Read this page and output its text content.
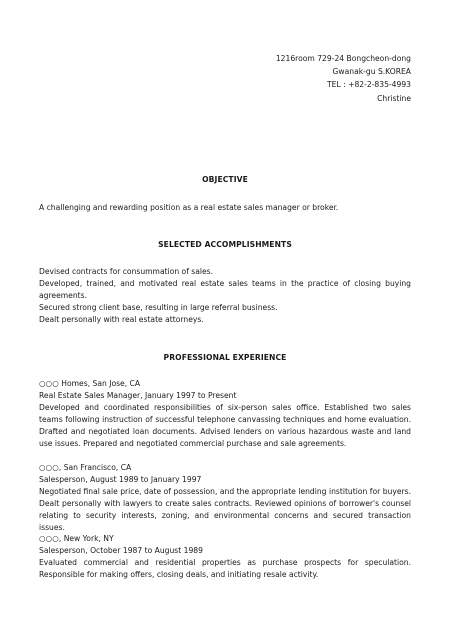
1216room 729-24 Bongcheon-dong
Gwanak-gu S.KOREA
TEL : +82-2-835-4993
Christine
OBJECTIVE
A challenging and rewarding position as a real estate sales manager or broker.
SELECTED ACCOMPLISHMENTS
Devised contracts for consummation of sales.
Developed, trained, and motivated real estate sales teams in the practice of closing buying agreements.
Secured strong client base, resulting in large referral business.
Dealt personally with real estate attorneys.
PROFESSIONAL EXPERIENCE
○○○ Homes, San Jose, CA
Real Estate Sales Manager, January 1997 to Present
Developed and coordinated responsibilities of six-person sales office. Established two sales teams following instruction of successful telephone canvassing techniques and home evaluation. Drafted and negotiated loan documents. Advised lenders on various hazardous waste and land use issues. Prepared and negotiated commercial purchase and sale agreements.
○○○, San Francisco, CA
Salesperson, August 1989 to January 1997
Negotiated final sale price, date of possession, and the appropriate lending institution for buyers. Dealt personally with lawyers to create sales contracts. Reviewed opinions of borrower's counsel relating to security interests, zoning, and environmental concerns and secured transaction issues.
○○○, New York, NY
Salesperson, October 1987 to August 1989
Evaluated commercial and residential properties as purchase prospects for speculation. Responsible for making offers, closing deals, and initiating resale activity.
